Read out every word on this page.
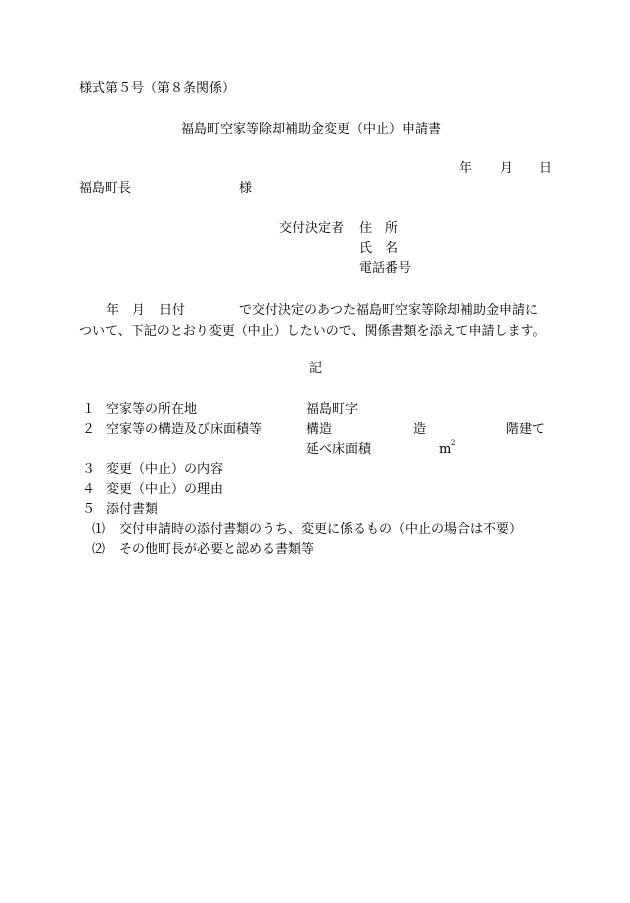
様式第５号（第８条関係）
福島町空家等除却補助金変更（中止）申請書
年 月 日
福島町長	様
交付決定者 住　所
氏　名
電話番号
年 月 日付	で交付決定のあつた福島町空家等除却補助金申請に
ついて、下記のとおり変更（中止）したいので、関係書類を添えて申請します。
記
１ 空家等の所在地	福島町字
２ 空家等の構造及び床面積等	構造	造	階建て
延べ床面積	m 2
３ 変更（中止）の内容
４ 変更（中止）の理由
５ 添付書類
⑴ 交付申請時の添付書類のうち、変更に係るもの（中止の場合は不要）
⑵ その他町長が必要と認める書類等
